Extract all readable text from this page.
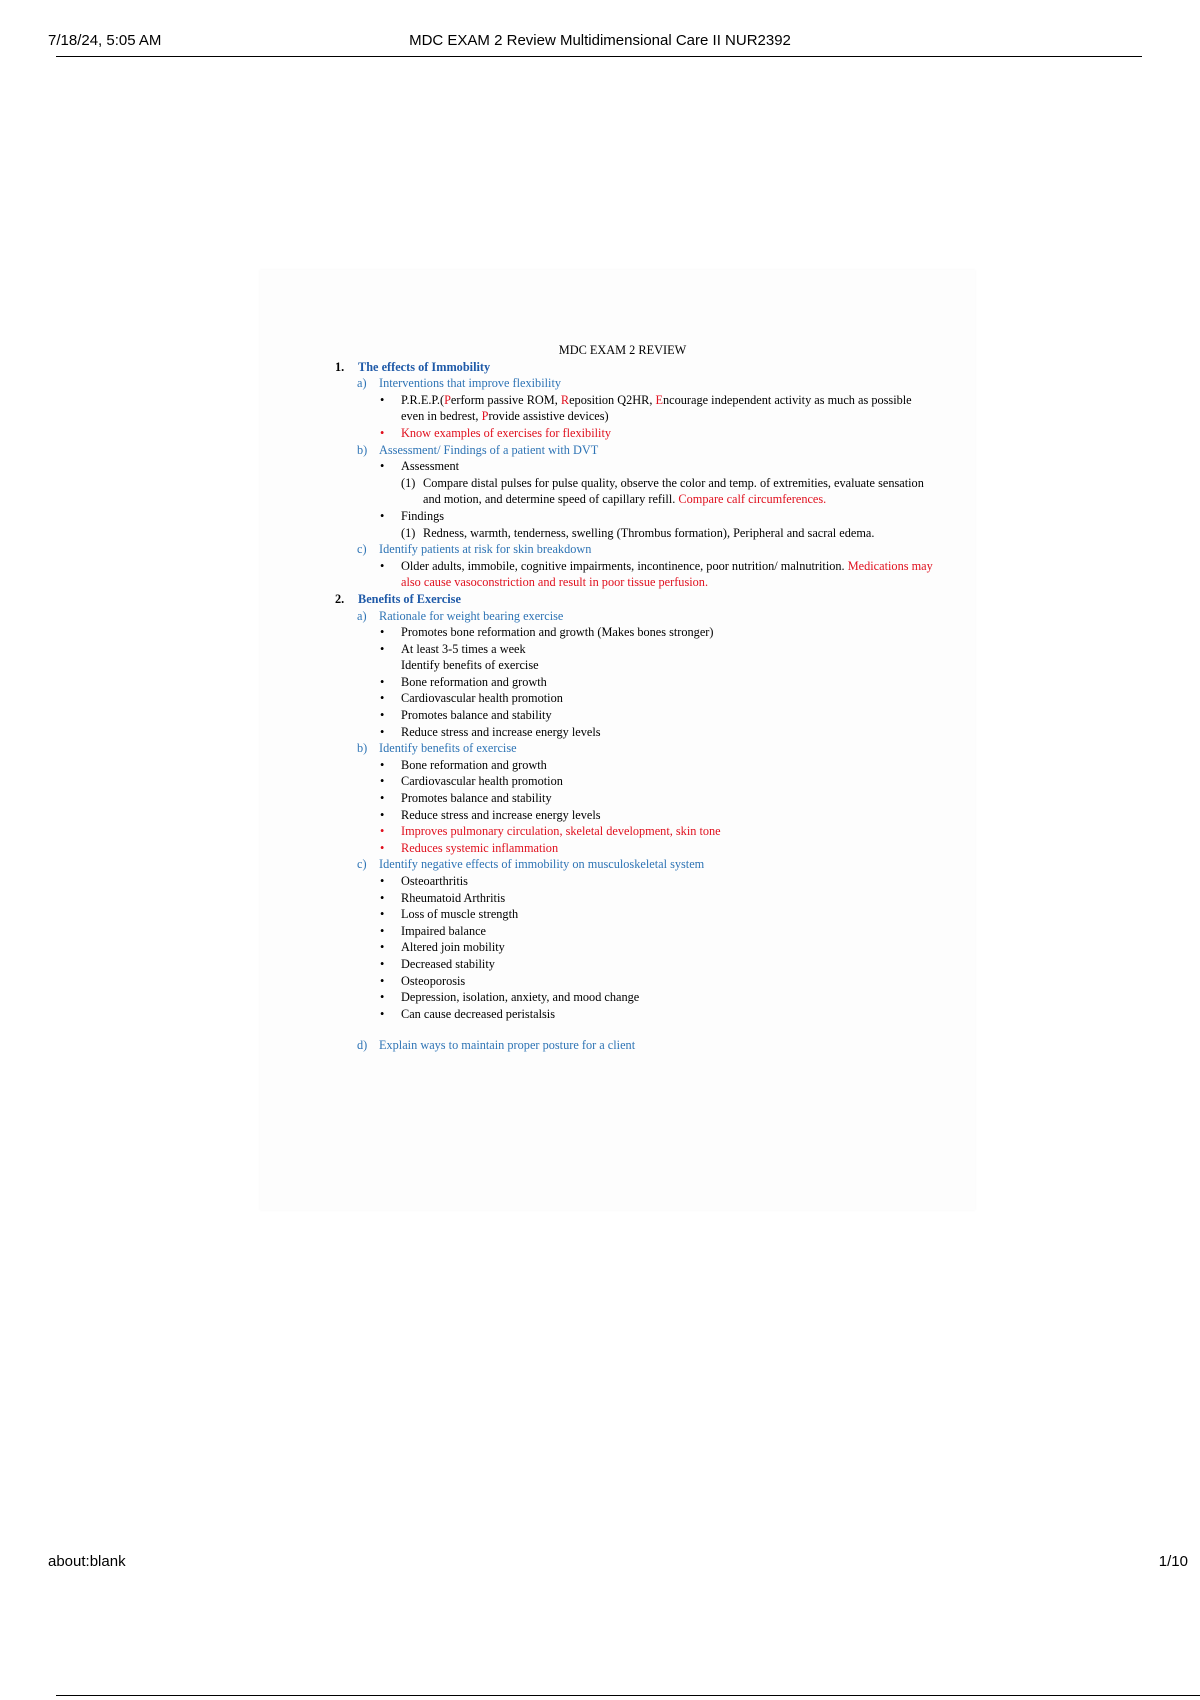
7/18/24, 5:05 AM	MDC EXAM 2 Review Multidimensional Care II NUR2392
MDC EXAM 2 REVIEW
1. The effects of Immobility
a) Interventions that improve flexibility
• P.R.E.P.(Perform passive ROM, Reposition Q2HR, Encourage independent activity as much as possible even in bedrest, Provide assistive devices)
• Know examples of exercises for flexibility
b) Assessment/ Findings of a patient with DVT
• Assessment
(1) Compare distal pulses for pulse quality, observe the color and temp. of extremities, evaluate sensation and motion, and determine speed of capillary refill. Compare calf circumferences.
• Findings
(1) Redness, warmth, tenderness, swelling (Thrombus formation), Peripheral and sacral edema.
c) Identify patients at risk for skin breakdown
• Older adults, immobile, cognitive impairments, incontinence, poor nutrition/ malnutrition. Medications may also cause vasoconstriction and result in poor tissue perfusion.
2. Benefits of Exercise
a) Rationale for weight bearing exercise
• Promotes bone reformation and growth (Makes bones stronger)
• At least 3-5 times a week
Identify benefits of exercise
• Bone reformation and growth
• Cardiovascular health promotion
• Promotes balance and stability
• Reduce stress and increase energy levels
b) Identify benefits of exercise
• Bone reformation and growth
• Cardiovascular health promotion
• Promotes balance and stability
• Reduce stress and increase energy levels
• Improves pulmonary circulation, skeletal development, skin tone
• Reduces systemic inflammation
c) Identify negative effects of immobility on musculoskeletal system
• Osteoarthritis
• Rheumatoid Arthritis
• Loss of muscle strength
• Impaired balance
• Altered join mobility
• Decreased stability
• Osteoporosis
• Depression, isolation, anxiety, and mood change
• Can cause decreased peristalsis
d) Explain ways to maintain proper posture for a client
about:blank	1/10
